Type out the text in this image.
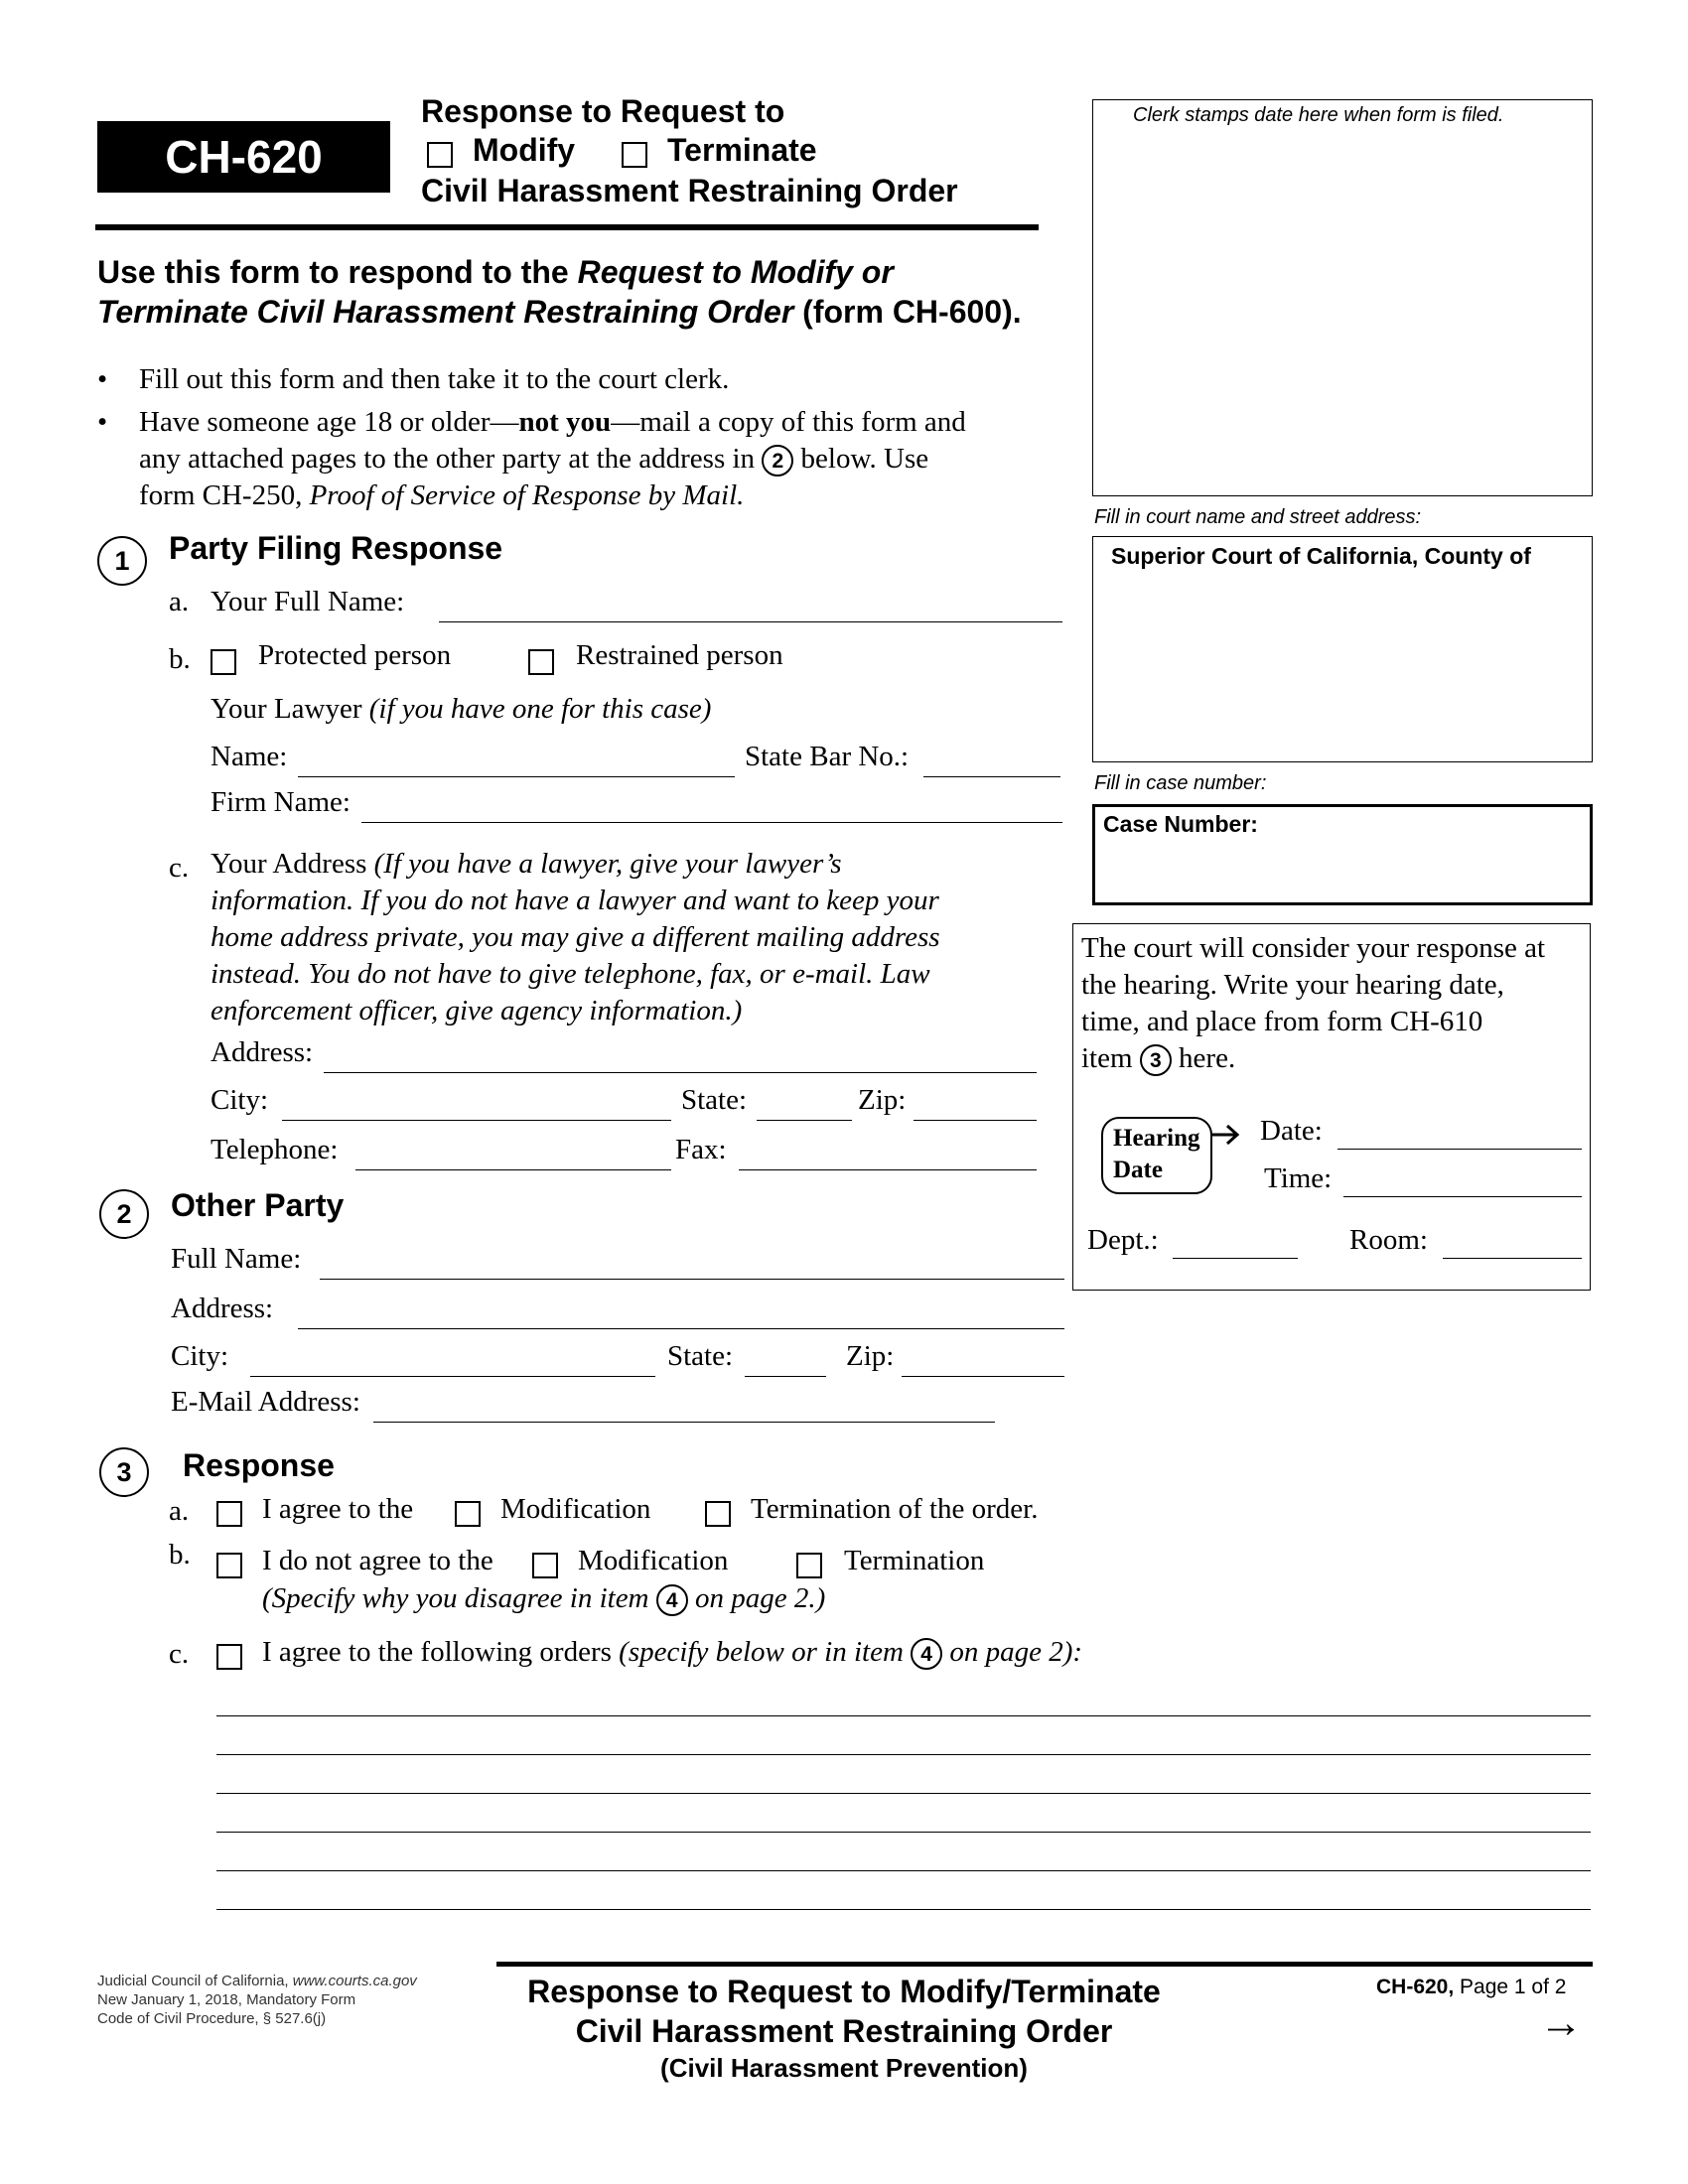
CH-620
Response to Request to
Modify	Terminate
Civil Harassment Restraining Order
Clerk stamps date here when form is filed.
Fill in court name and street address:
Superior Court of California, County of
Fill in case number:
Case Number:
The court will consider your response at
the hearing. Write your hearing date,
time, and place from form CH-610
item 3 here.
Hearing
Date
Date:
Time:
Dept.:	Room:
Use this form to respond to the Request to Modify or
Terminate Civil Harassment Restraining Order (form CH-600).
• Fill out this form and then take it to the court clerk.
• Have someone age 18 or older—not you—mail a copy of this form and
any attached pages to the other party at the address in 2 below. Use
form CH-250, Proof of Service of Response by Mail.
1	Party Filing Response
a. Your Full Name:
b. Protected person	Restrained person
Your Lawyer (if you have one for this case)
Name:	State Bar No.:
Firm Name:
c. Your Address (If you have a lawyer, give your lawyer’s
information. If you do not have a lawyer and want to keep your
home address private, you may give a different mailing address
instead. You do not have to give telephone, fax, or e-mail. Law
enforcement officer, give agency information.)
Address:
City:	State:	Zip:
Telephone:	Fax:
2	Other Party
Full Name:
Address:
City:	State:	Zip:
E-Mail Address:
3	Response
a.	I agree to the	Modification	Termination of the order.
b. I do not agree to the	Modification	Termination
(Specify why you disagree in item 4 on page 2.)
c.	I agree to the following orders (specify below or in item 4 on page 2):
Judicial Council of California, www.courts.ca.gov
New January 1, 2018, Mandatory Form
Code of Civil Procedure, § 527.6(j)
Response to Request to Modify/Terminate
Civil Harassment Restraining Order
(Civil Harassment Prevention)
CH-620, Page 1 of 2
→
